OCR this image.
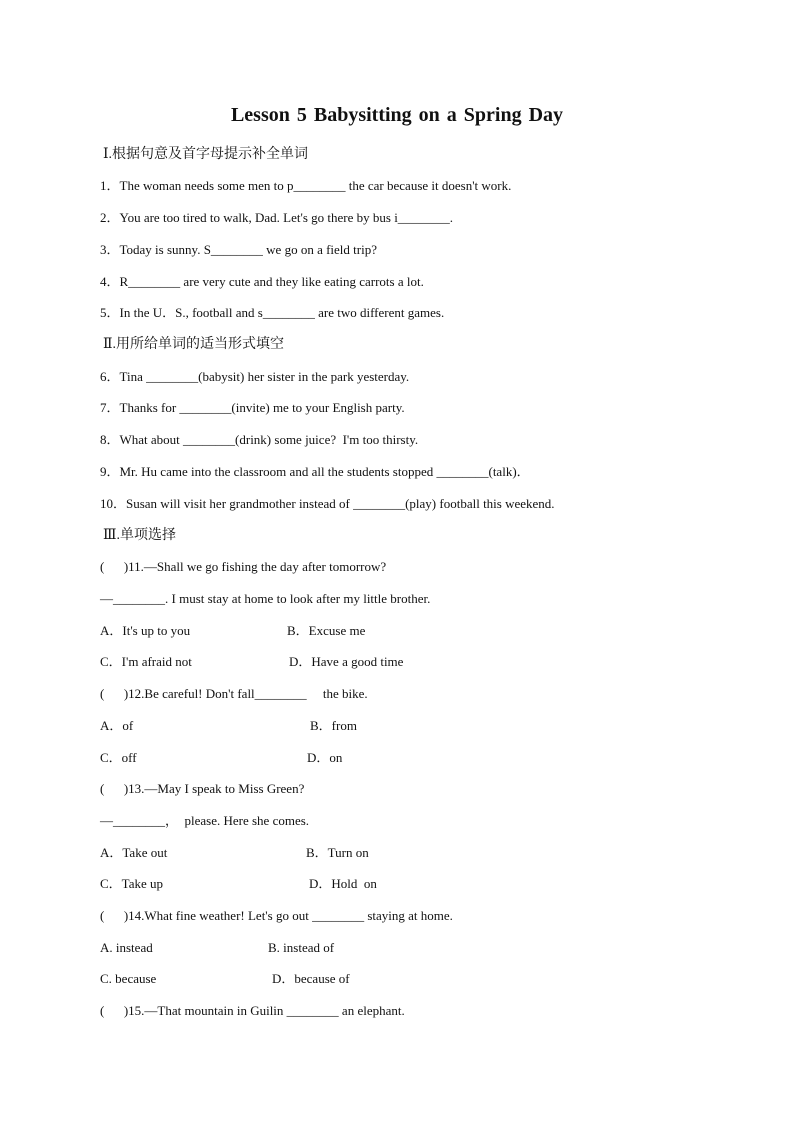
Lesson 5 Babysitting on a Spring Day
Ⅰ.根据句意及首字母提示补全单词
1．The woman needs some men to p________ the car because it doesn't work.
2．You are too tired to walk, Dad. Let's go there by bus i________.
3．Today is sunny. S________ we go on a field trip?
4．R________ are very cute and they like eating carrots a lot.
5．In the U．S., football and s________ are two different games.
Ⅱ.用所给单词的适当形式填空
6．Tina ________(babysit) her sister in the park yesterday.
7．Thanks for ________(invite) me to your English party.
8．What about ________(drink) some juice?  I'm too thirsty.
9．Mr. Hu came into the classroom and all the students stopped ________(talk)．
10．Susan will visit her grandmother instead of ________(play) football this weekend.
Ⅲ.单项选择
(      )11.—Shall we go fishing the day after tomorrow?
—________. I must stay at home to look after my little brother.
A．It's up to you	B．Excuse me
C．I'm afraid not	D．Have a good time
(      )12.Be careful! Don't fall________     the bike.
A．of	B．from
C．off	D．on
(      )13.—May I speak to Miss Green?
—________，  please. Here she comes.
A．Take out	B．Turn on
C．Take up	D．Hold  on
(      )14.What fine weather! Let's go out ________ staying at home.
A. instead	B. instead of
C. because	D．because of
(      )15.—That mountain in Guilin ________ an elephant.
